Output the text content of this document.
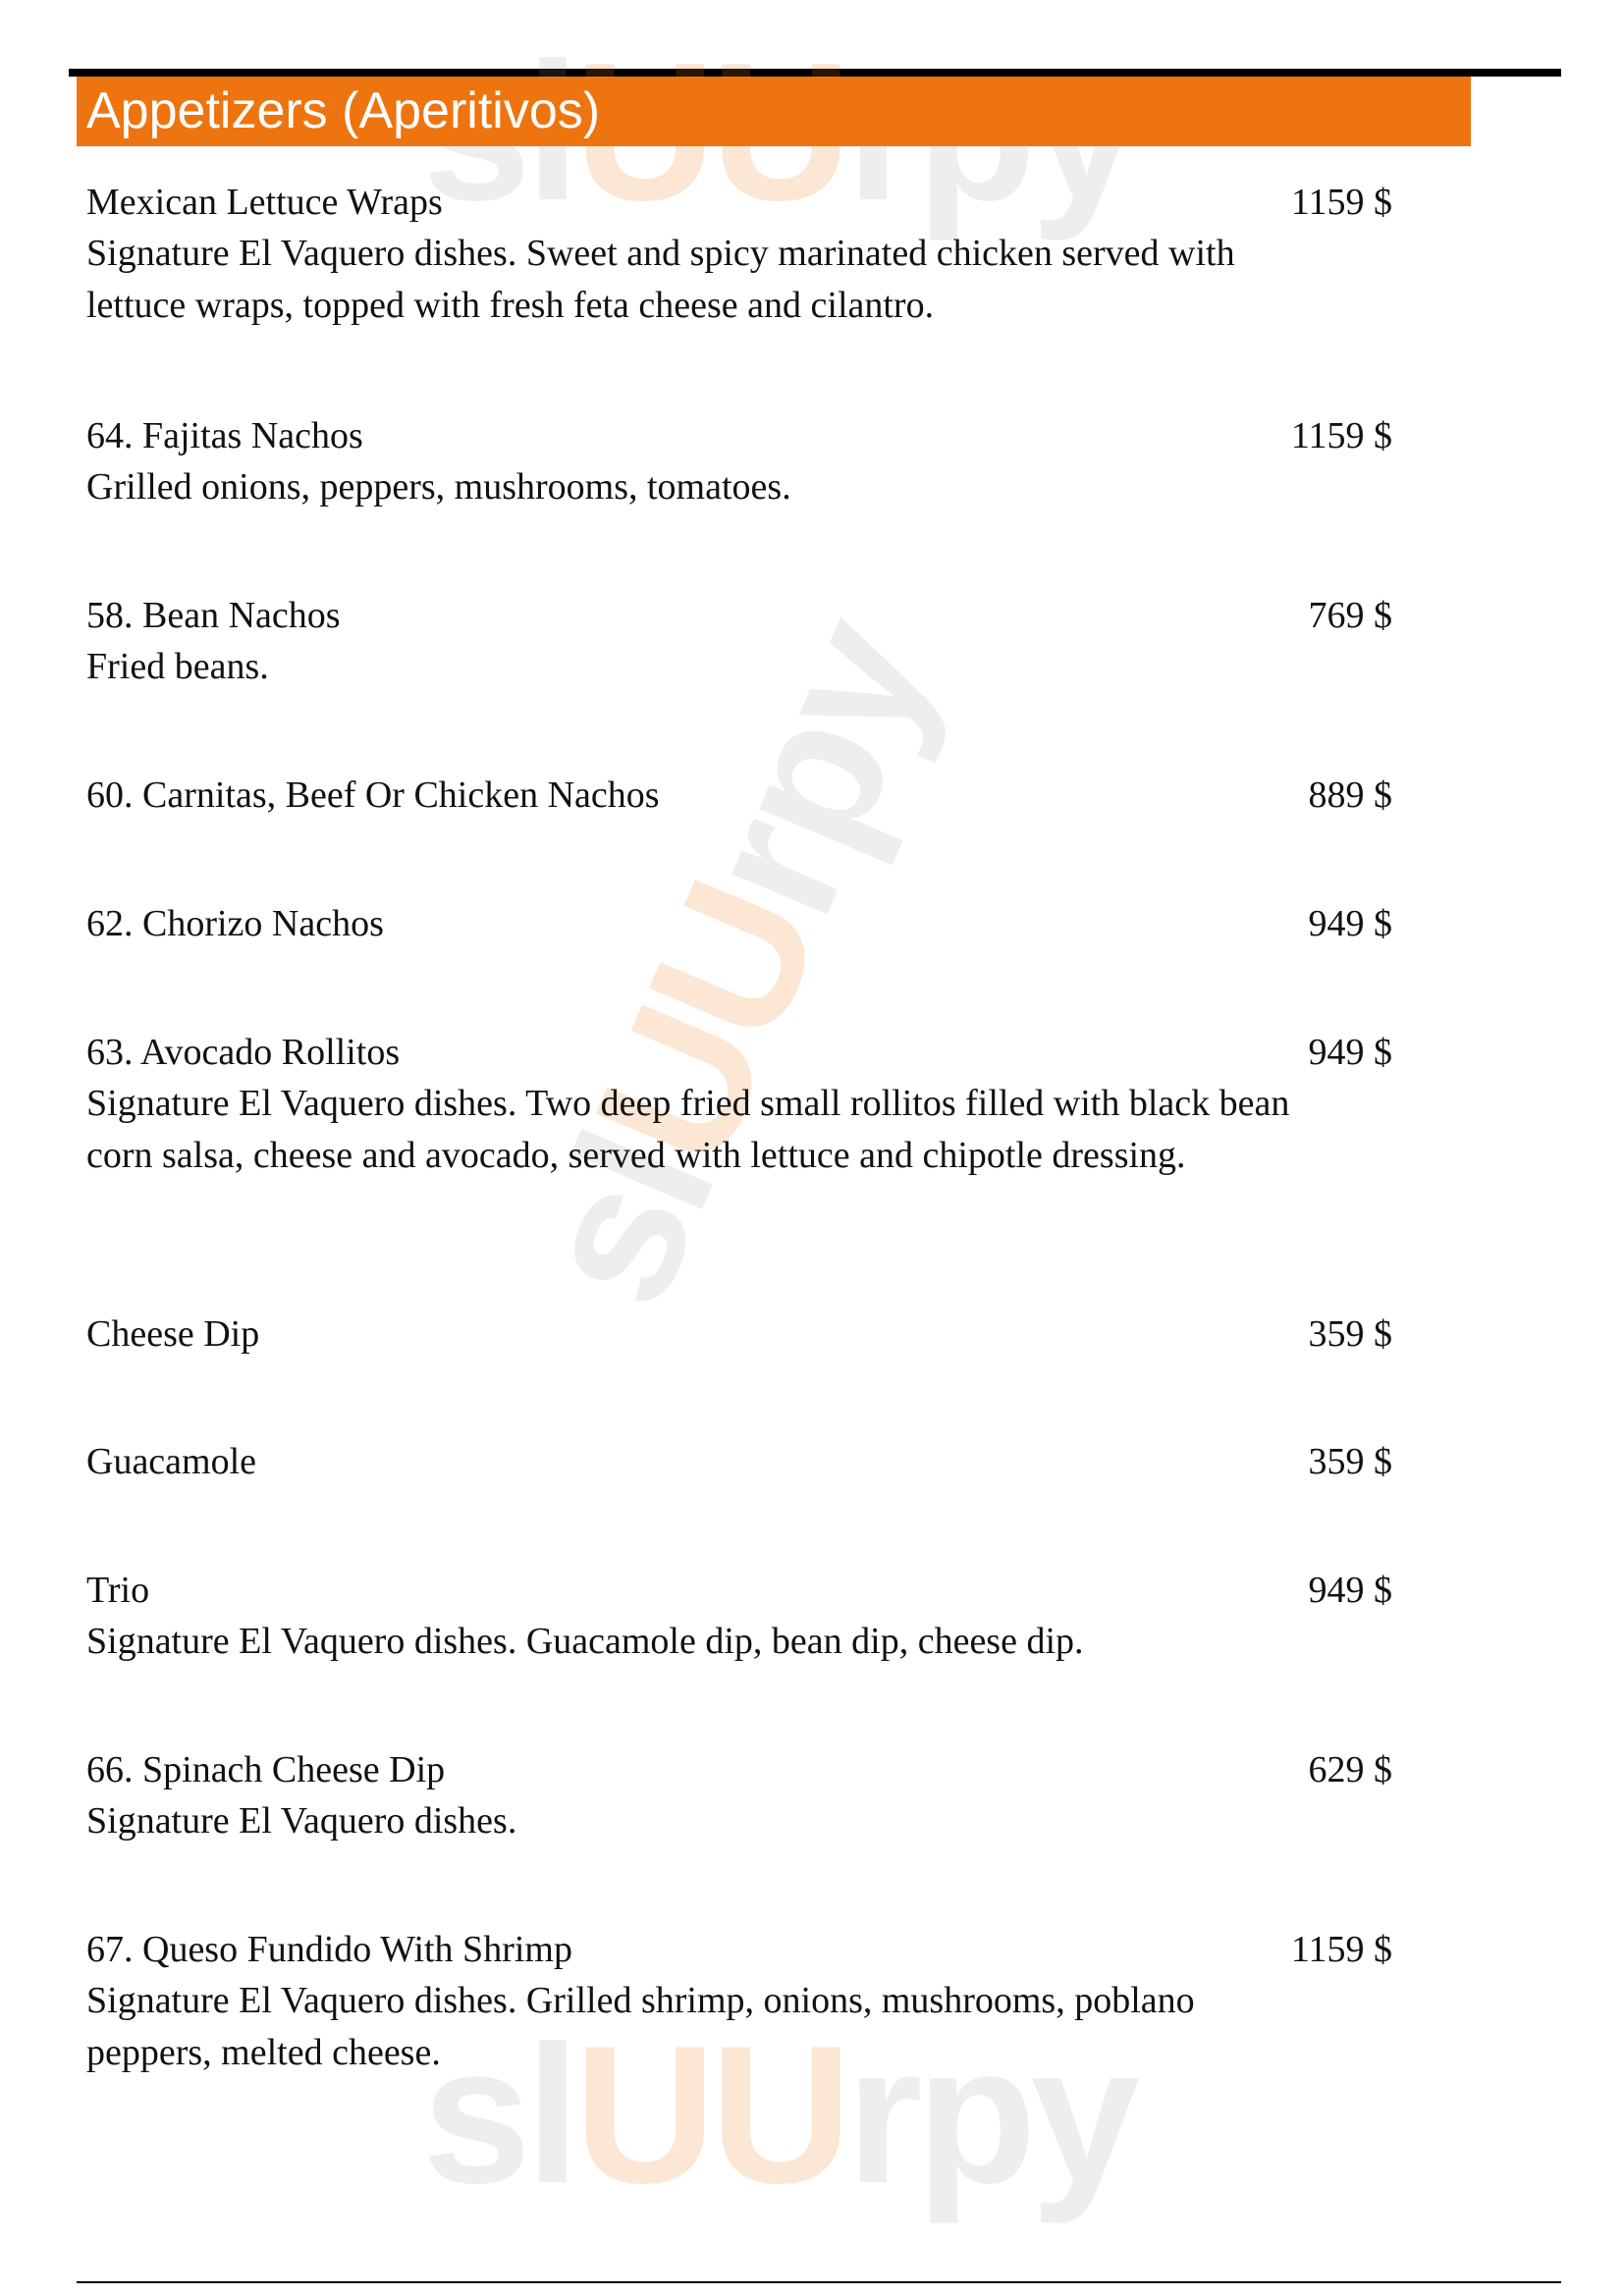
slUUrpy
slUUrpy
Appetizers (Aperitivos)
Mexican Lettuce Wraps	1159 $
Signature El Vaquero dishes. Sweet and spicy marinated chicken served with lettuce wraps, topped with fresh feta cheese and cilantro.
64. Fajitas Nachos	1159 $
Grilled onions, peppers, mushrooms, tomatoes.
58. Bean Nachos	769 $
Fried beans.
60. Carnitas, Beef Or Chicken Nachos	889 $
62. Chorizo Nachos	949 $
63. Avocado Rollitos	949 $
Signature El Vaquero dishes. Two deep fried small rollitos filled with black bean corn salsa, cheese and avocado, served with lettuce and chipotle dressing.
Cheese Dip	359 $
Guacamole	359 $
Trio	949 $
Signature El Vaquero dishes. Guacamole dip, bean dip, cheese dip.
66. Spinach Cheese Dip	629 $
Signature El Vaquero dishes.
67. Queso Fundido With Shrimp	1159 $
Signature El Vaquero dishes. Grilled shrimp, onions, mushrooms, poblano peppers, melted cheese.
